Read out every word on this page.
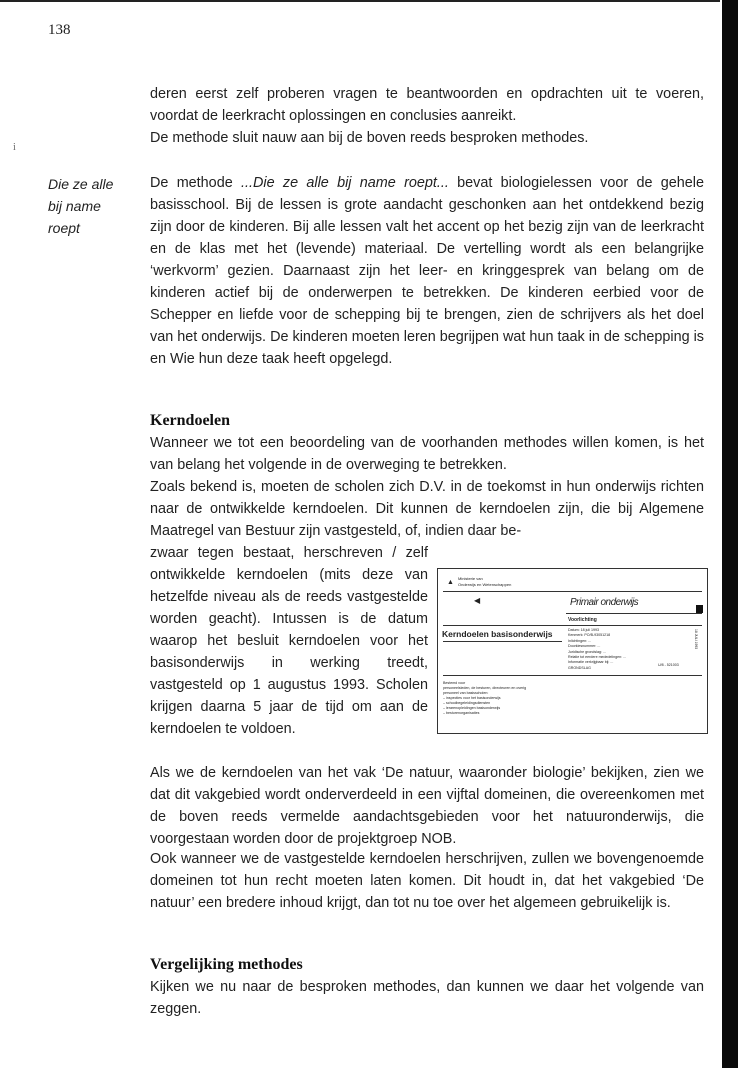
138
i
Die ze alle
bij name
roept

deren eerst zelf proberen vragen te beantwoorden en opdrachten uit te voeren, voordat de leerkracht oplossingen en conclusies aanreikt.
De methode sluit nauw aan bij de boven reeds besproken methodes.

De methode ...Die ze alle bij name roept... bevat biologielessen voor de gehele basisschool. Bij de lessen is grote aandacht geschonken aan het ontdekkend bezig zijn door de kinderen. Bij alle lessen valt het accent op het bezig zijn van de leerkracht en de klas met het (levende) materiaal. De vertelling wordt als een belangrijke ‘werkvorm’ gezien. Daarnaast zijn het leer- en kringgesprek van belang om de kinderen actief bij de onderwerpen te betrekken. De kinderen eerbied voor de Schepper en liefde voor de schepping bij te brengen, zien de schrijvers als het doel van het onderwijs. De kinderen moeten leren begrijpen wat hun taak in de schepping is en Wie hun deze taak heeft opgelegd.

Kerndoelen

Wanneer we tot een beoordeling van de voorhanden methodes willen komen, is het van belang het volgende in de overweging te betrekken.

Zoals bekend is, moeten de scholen zich D.V. in de toekomst in hun onderwijs richten naar de ontwikkelde kerndoelen. Dit kunnen de kerndoelen zijn, die bij Algemene Maatregel van Bestuur zijn vastgesteld, of, indien daar be-

zwaar tegen bestaat, herschreven / zelf ontwikkelde kerndoelen (mits deze van hetzelfde niveau als de reeds vastgestelde worden geacht). Intussen is de datum waarop het besluit kerndoelen voor het basisonderwijs in werking treedt, vastgesteld op 1 augustus 1993. Scholen krijgen daarna 5 jaar de tijd om aan de kerndoelen te voldoen.

▲
Ministerie van
Onderwijs en Wetenschappen
◀	Primair onderwijs
Voorlichting
Kerndoelen basisonderwijs	Datum: 18 juli 1993
Kenmerk: PO/B-93051218
Inlichtingen: ...
Doorkiesnummer: ...
Juridische grondslag: ...
Relatie tot eerdere mededelingen: ...
Informatie verkrijgbaar bij: ...
GRONDSLAG
U/8 - 521003
18 JULI 1993
Bestemd voor
personeelsleden, de besturen, directeuren en overig
personeel van basisscholen:
– inspecties voor het basisonderwijs
– schoolbegeleidingsdiensten
– lerarenopleidingen basisonderwijs
– besturenorganisaties

Als we de kerndoelen van het vak ‘De natuur, waaronder biologie’ bekijken, zien we dat dit vakgebied wordt onderverdeeld in een vijftal domeinen, die overeenkomen met de boven reeds vermelde aandachtsgebieden voor het natuuronderwijs, die voorgestaan worden door de projektgroep NOB.

Ook wanneer we de vastgestelde kerndoelen herschrijven, zullen we bovengenoemde domeinen tot hun recht moeten laten komen. Dit houdt in, dat het vakgebied ‘De natuur’ een bredere inhoud krijgt, dan tot nu toe over het algemeen gebruikelijk is.

Vergelijking methodes

Kijken we nu naar de besproken methodes, dan kunnen we daar het volgende van zeggen.
